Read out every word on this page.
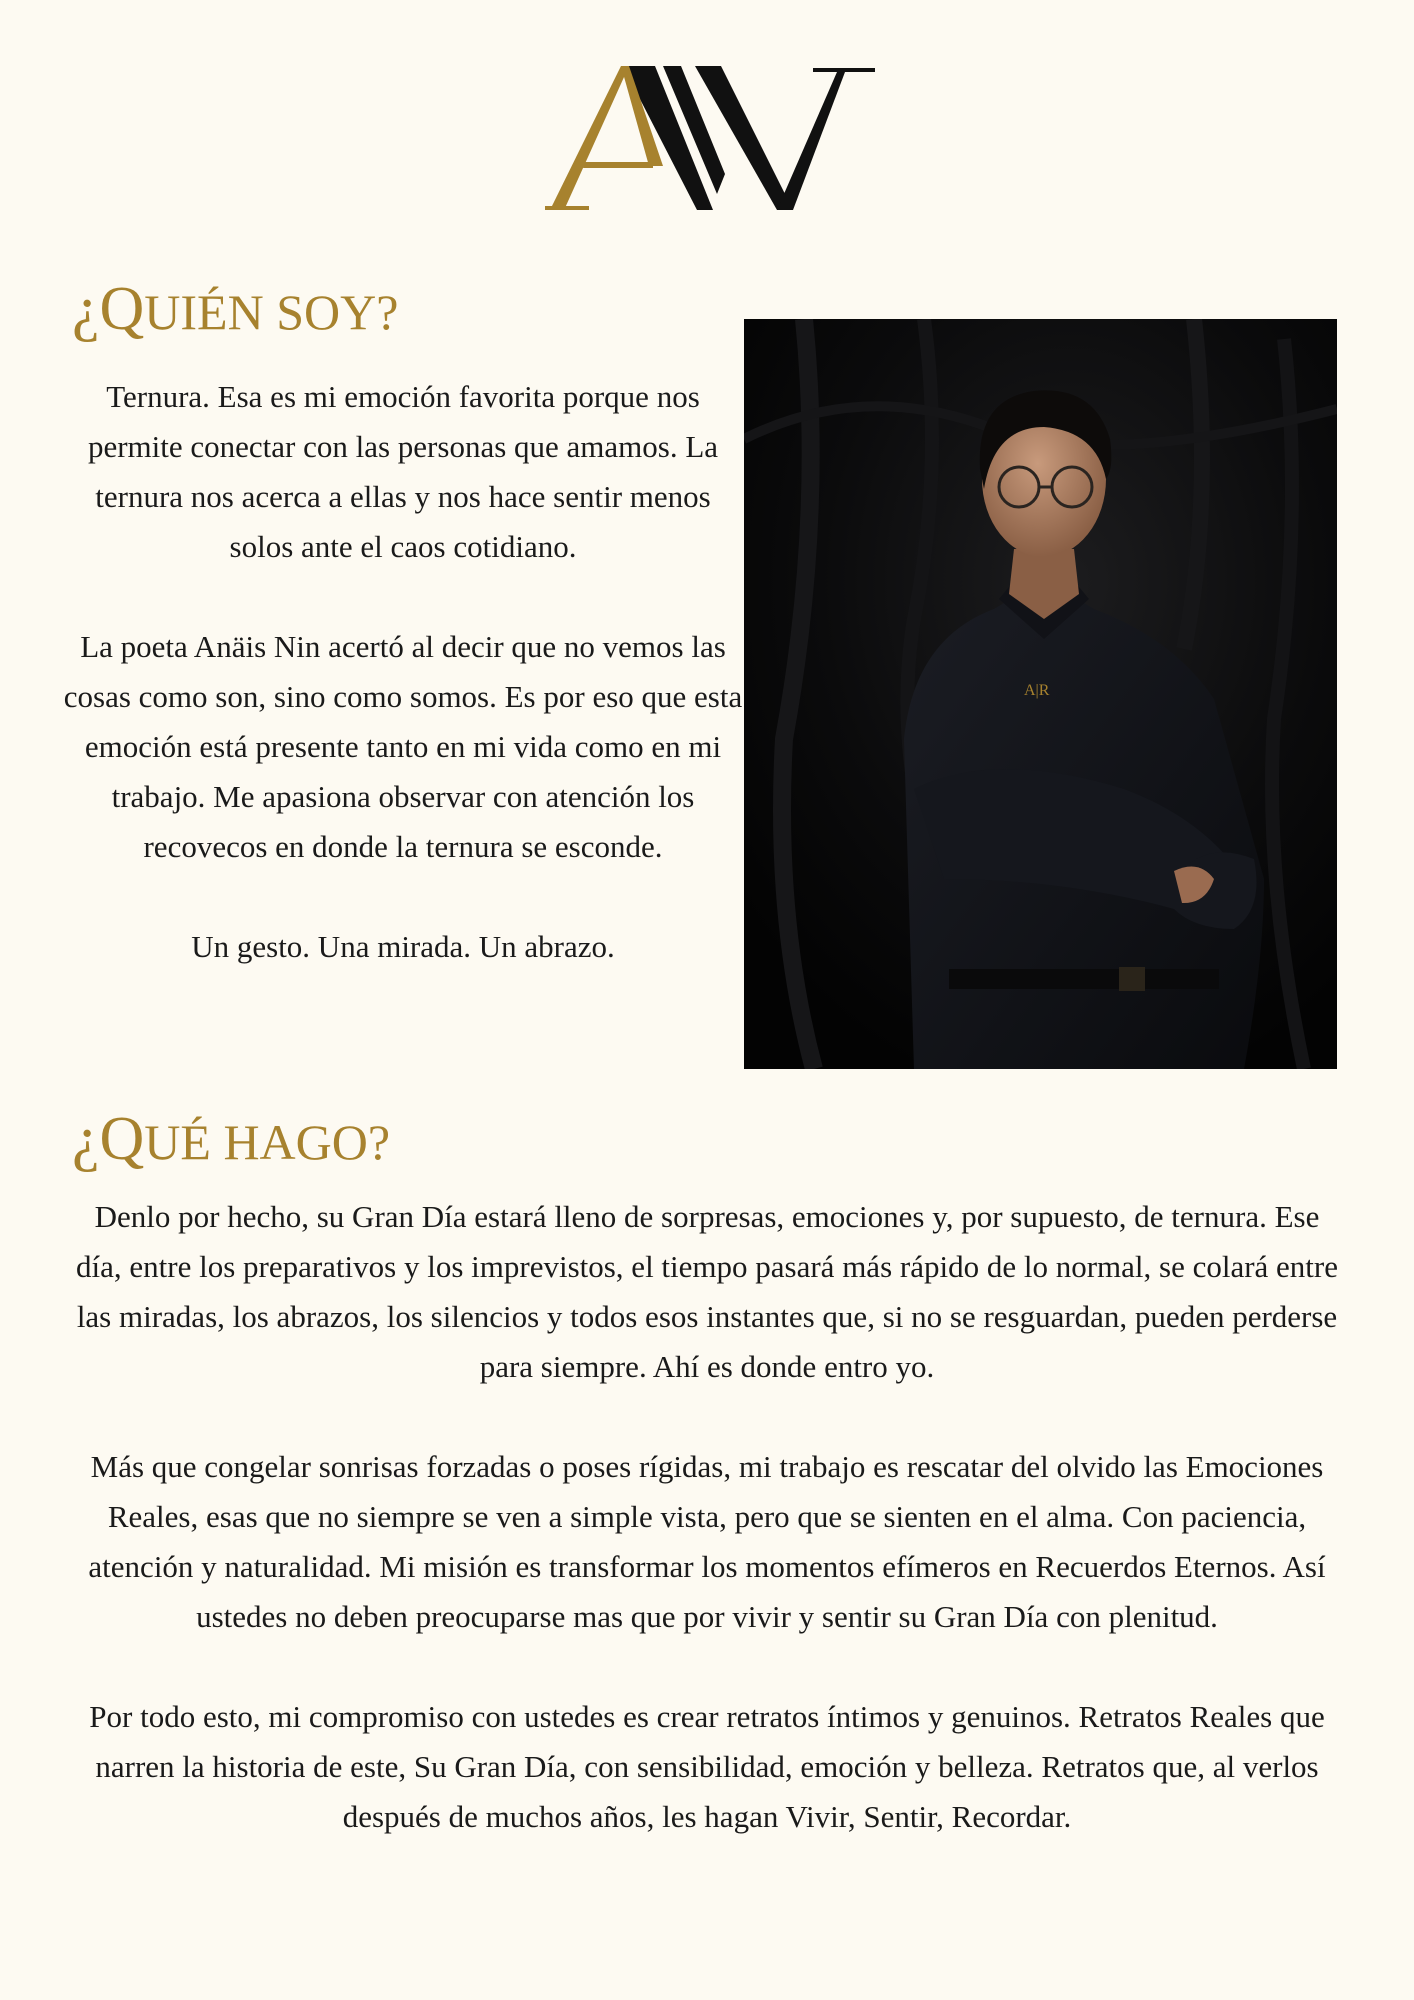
¿QUIÉN SOY?

Ternura. Esa es mi emoción favorita porque nos permite conectar con las personas que amamos. La ternura nos acerca a ellas y nos hace sentir menos solos ante el caos cotidiano.

La poeta Anäis Nin acertó al decir que no vemos las cosas como son, sino como somos. Es por eso que esta emoción está presente tanto en mi vida como en mi trabajo. Me apasiona observar con atención los recovecos en donde la ternura se esconde.

Un gesto. Una mirada. Un abrazo.

A|R
¿QUÉ HAGO?

Denlo por hecho, su Gran Día estará lleno de sorpresas, emociones y, por supuesto, de ternura. Ese día, entre los preparativos y los imprevistos, el tiempo pasará más rápido de lo normal, se colará entre las miradas, los abrazos, los silencios y todos esos instantes que, si no se resguardan, pueden perderse para siempre. Ahí es donde entro yo.

Más que congelar sonrisas forzadas o poses rígidas, mi trabajo es rescatar del olvido las Emociones Reales, esas que no siempre se ven a simple vista, pero que se sienten en el alma. Con paciencia, atención y naturalidad. Mi misión es transformar los momentos efímeros en Recuerdos Eternos. Así ustedes no deben preocuparse mas que por vivir y sentir su Gran Día con plenitud.

Por todo esto, mi compromiso con ustedes es crear retratos íntimos y genuinos. Retratos Reales que narren la historia de este, Su Gran Día, con sensibilidad, emoción y belleza. Retratos que, al verlos después de muchos años, les hagan Vivir, Sentir, Recordar.
